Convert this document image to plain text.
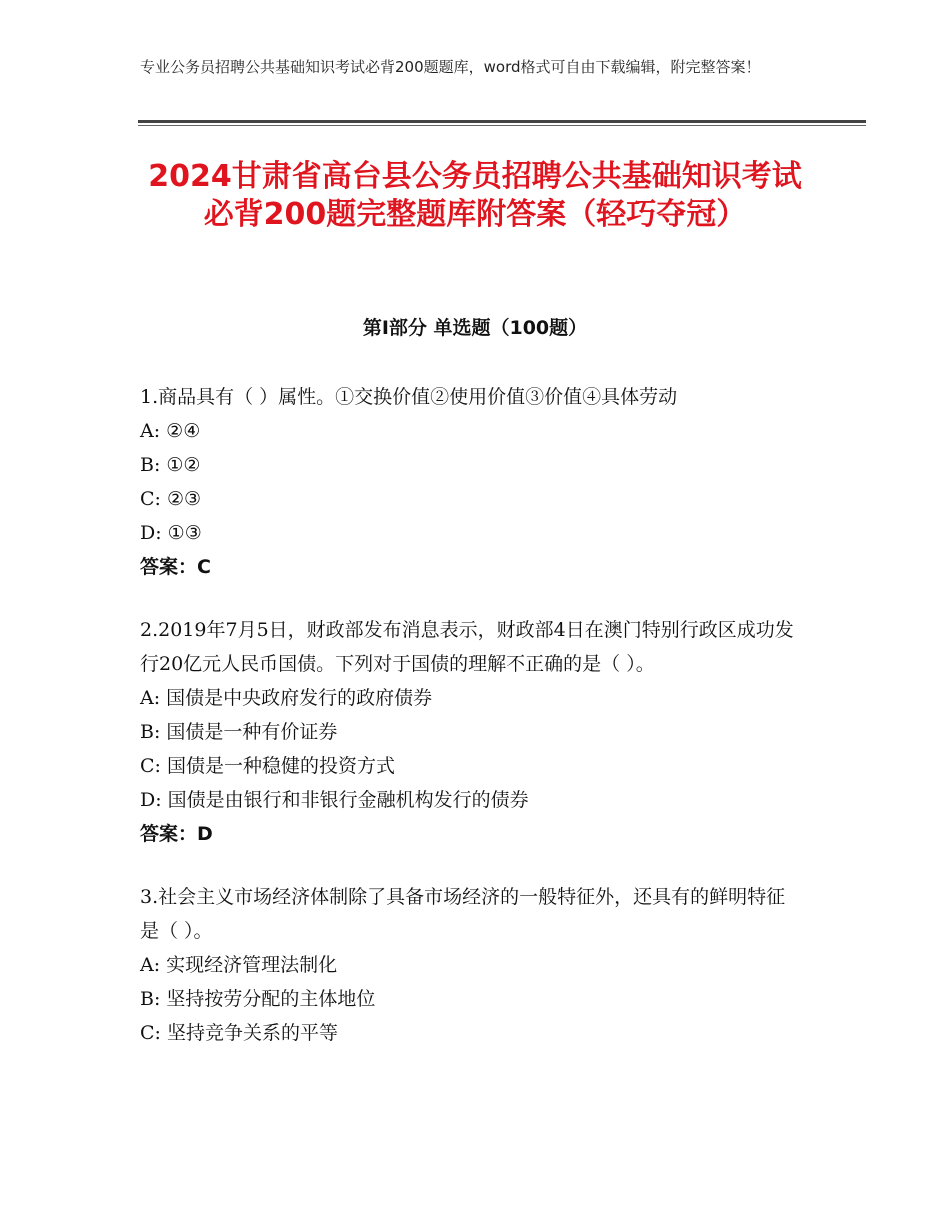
专业公务员招聘公共基础知识考试必背200题题库，word格式可自由下载编辑，附完整答案！
2024甘肃省高台县公务员招聘公共基础知识考试必背200题完整题库附答案（轻巧夺冠）
第Ⅰ部分 单选题（100题）
1.商品具有（ ）属性。①交换价值②使用价值③价值④具体劳动
A: ②④
B: ①②
C: ②③
D: ①③
答案：C
2.2019年7月5日，财政部发布消息表示，财政部4日在澳门特别行政区成功发行20亿元人民币国债。下列对于国债的理解不正确的是（ ）。
A: 国债是中央政府发行的政府债券
B: 国债是一种有价证券
C: 国债是一种稳健的投资方式
D: 国债是由银行和非银行金融机构发行的债券
答案：D
3.社会主义市场经济体制除了具备市场经济的一般特征外，还具有的鲜明特征是（ ）。
A: 实现经济管理法制化
B: 坚持按劳分配的主体地位
C: 坚持竞争关系的平等
